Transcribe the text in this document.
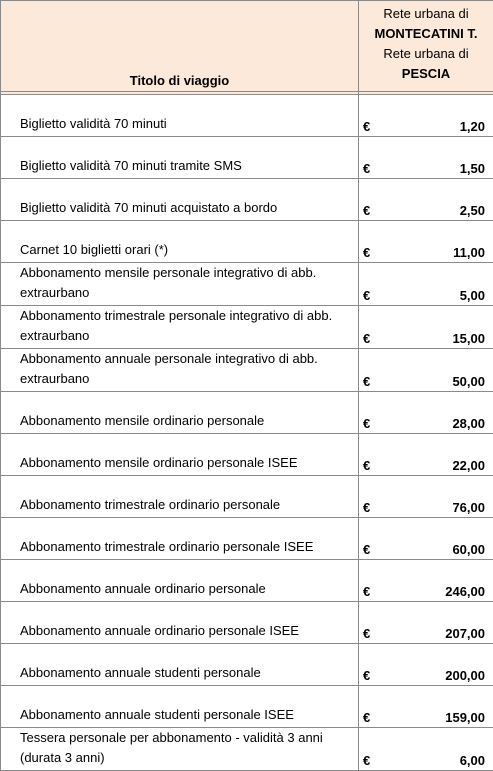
Titolo di viaggio	Rete urbana di
MONTECATINI T.
Rete urbana di
PESCIA	

Biglietto validità 70 minuti	€	1,20
Biglietto validità 70 minuti tramite SMS	€	1,50
Biglietto validità 70 minuti acquistato a bordo	€	2,50
Carnet 10 biglietti orari (*)	€	11,00
Abbonamento mensile personale integrativo di abb. extraurbano	€	5,00
Abbonamento trimestrale personale integrativo di abb. extraurbano	€	15,00
Abbonamento annuale personale integrativo di abb. extraurbano	€	50,00
Abbonamento mensile ordinario personale	€	28,00
Abbonamento mensile ordinario personale ISEE	€	22,00
Abbonamento trimestrale ordinario personale	€	76,00
Abbonamento trimestrale ordinario personale ISEE	€	60,00
Abbonamento annuale ordinario personale	€	246,00
Abbonamento annuale ordinario personale ISEE	€	207,00
Abbonamento annuale studenti personale	€	200,00
Abbonamento annuale studenti personale ISEE	€	159,00
Tessera personale per abbonamento - validità 3 anni (durata 3 anni)	€	6,00
